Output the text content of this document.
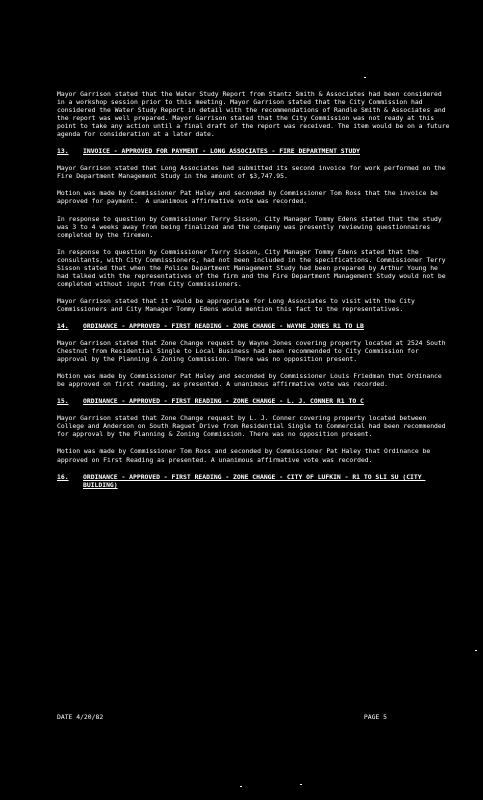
Mayor Garrison stated that the Water Study Report from Stantz Smith & Associates had been considered in a workshop session prior to this meeting. Mayor Garrison stated that the City Commission had considered the Water Study Report in detail with the recommendations of Randle Smith & Associates and the report was well prepared. Mayor Garrison stated that the City Commission was not ready at this point to take any action until a final draft of the report was received. The item would be on a future agenda for consideration at a later date.

13.	INVOICE - APPROVED FOR PAYMENT - LONG ASSOCIATES - FIRE DEPARTMENT STUDY

Mayor Garrison stated that Long Associates had submitted its second invoice for work performed on the Fire Department Management Study in the amount of $3,747.95.

Motion was made by Commissioner Pat Haley and seconded by Commissioner Tom Ross that the invoice be approved for payment.  A unanimous affirmative vote was recorded.

In response to question by Commissioner Terry Sisson, City Manager Tommy Edens stated that the study was 3 to 4 weeks away from being finalized and the company was presently reviewing questionnaires completed by the firemen.

In response to question by Commissioner Terry Sisson, City Manager Tommy Edens stated that the consultants, with City Commissioners, had not been included in the specifications. Commissioner Terry Sisson stated that when the Police Department Management Study had been prepared by Arthur Young he had talked with the representatives of the firm and the Fire Department Management Study would not be completed without input from City Commissioners.

Mayor Garrison stated that it would be appropriate for Long Associates to visit with the City Commissioners and City Manager Tommy Edens would mention this fact to the representatives.

14.	ORDINANCE - APPROVED - FIRST READING - ZONE CHANGE - WAYNE JONES R1 TO LB

Mayor Garrison stated that Zone Change request by Wayne Jones covering property located at 2524 South Chestnut from Residential Single to Local Business had been recommended to City Commission for approval by the Planning & Zoning Commission. There was no opposition present.

Motion was made by Commissioner Pat Haley and seconded by Commissioner Louis Friedman that Ordinance be approved on first reading, as presented. A unanimous affirmative vote was recorded.

15.	ORDINANCE - APPROVED - FIRST READING - ZONE CHANGE - L. J. CONNER R1 TO C

Mayor Garrison stated that Zone Change request by L. J. Conner covering property located between College and Anderson on South Raguet Drive from Residential Single to Commercial had been recommended for approval by the Planning & Zoning Commission. There was no opposition present.

Motion was made by Commissioner Tom Ross and seconded by Commissioner Pat Haley that Ordinance be approved on First Reading as presented. A unanimous affirmative vote was recorded.

16.	ORDINANCE - APPROVED - FIRST READING - ZONE CHANGE - CITY OF LUFKIN - R1 TO SLI SU (CITY BUILDING)
DATE 4/20/82	PAGE 5
